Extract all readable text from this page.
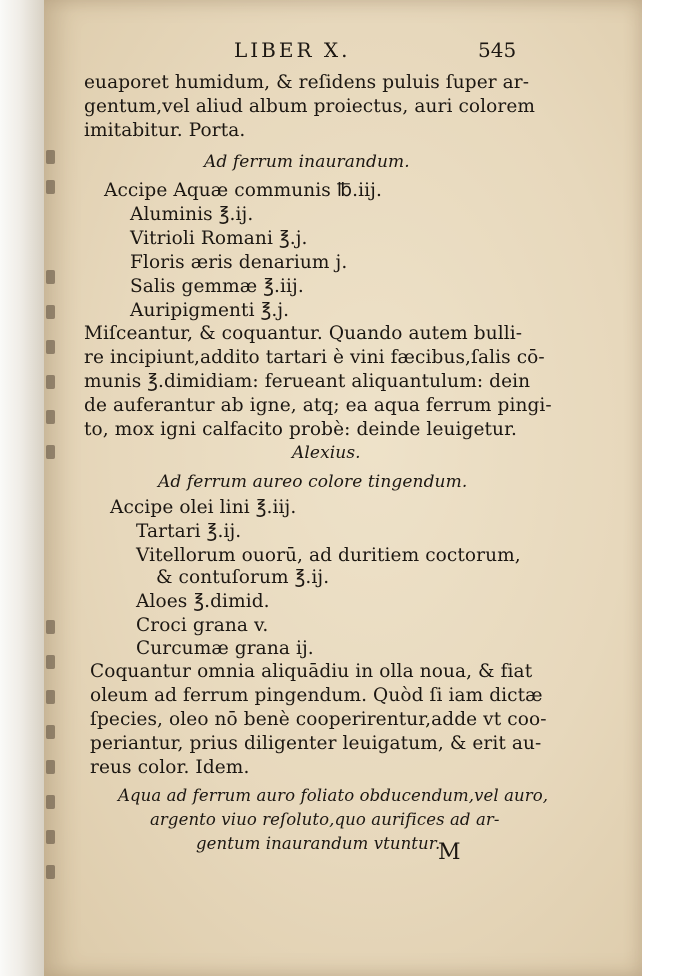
LIBER X.	545
euaporet humidum, & reſidens puluis ſuper ar-
gentum,vel aliud album proiectus, auri colorem
imitabitur. Porta.
Ad ferrum inaurandum.
Accipe Aquæ communis ℔.iij.
Aluminis ℥.ij.
Vitrioli Romani ℥.j.
Floris æris denarium j.
Salis gemmæ ℥.iij.
Auripigmenti ℥.j.
Miſceantur, & coquantur. Quando autem bulli-
re incipiunt,addito tartari è vini fæcibus,ſalis cō-
munis ℥.dimidiam: ferueant aliquantulum: dein
de auferantur ab igne, atq; ea aqua ferrum pingi-
to, mox igni calfacito probè: deinde leuigetur.
Alexius.
Ad ferrum aureo colore tingendum.
Accipe olei lini ℥.iij.
Tartari ℥.ij.
Vitellorum ouorū, ad duritiem coctorum,
& contuſorum ℥.ij.
Aloes ℥.dimid.
Croci grana v.
Curcumæ grana ij.
Coquantur omnia aliquādiu in olla noua, & fiat
oleum ad ferrum pingendum. Quòd ſi iam dictæ
ſpecies, oleo nō benè cooperirentur,adde vt coo-
periantur, prius diligenter leuigatum, & erit au-
reus color. Idem.
Aqua ad ferrum auro foliato obducendum,vel auro,
argento viuo reſoluto,quo aurifices ad ar-
gentum inaurandum vtuntur.
M
